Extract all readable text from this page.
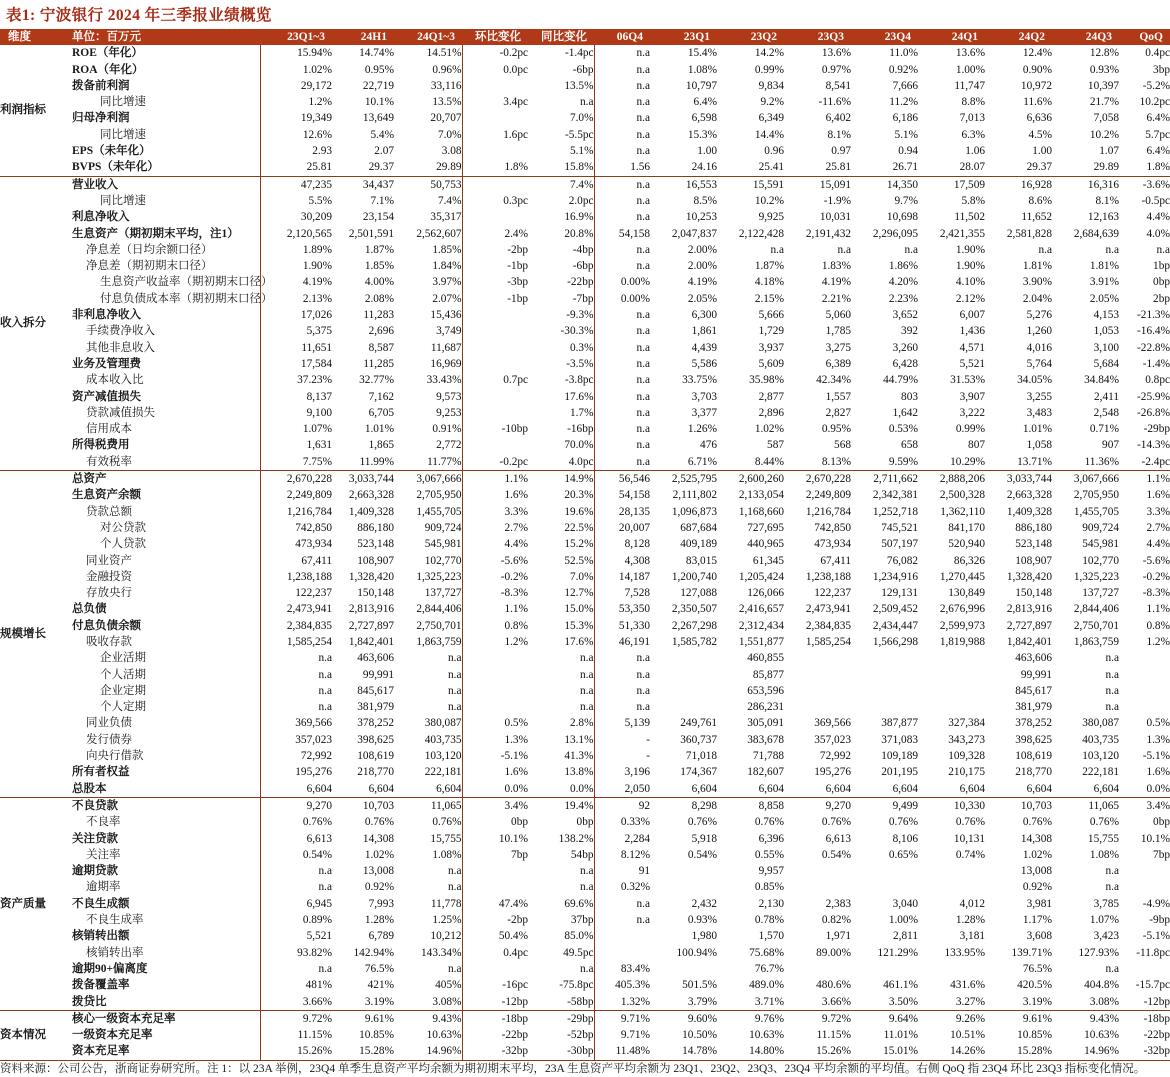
表1: 宁波银行 2024 年三季报业绩概览
维度	单位：百万元	23Q1~3	24H1	24Q1~3	环比变化	同比变化	06Q4	23Q1	23Q2	23Q3	23Q4	24Q1	24Q2	24Q3	QoQ
利润指标	ROE（年化）	15.94%	14.74%	14.51%	-0.2pc	-1.4pc	n.a	15.4%	14.2%	13.6%	11.0%	13.6%	12.4%	12.8%	0.4pc
	ROA（年化）	1.02%	0.95%	0.96%	0.0pc	-6bp	n.a	1.08%	0.99%	0.97%	0.92%	1.00%	0.90%	0.93%	3bp
	拨备前利润	29,172	22,719	33,116		13.5%	n.a	10,797	9,834	8,541	7,666	11,747	10,972	10,397	-5.2%
	同比增速	1.2%	10.1%	13.5%	3.4pc	n.a	n.a	6.4%	9.2%	-11.6%	11.2%	8.8%	11.6%	21.7%	10.2pc
	归母净利润	19,349	13,649	20,707		7.0%	n.a	6,598	6,349	6,402	6,186	7,013	6,636	7,058	6.4%
	同比增速	12.6%	5.4%	7.0%	1.6pc	-5.5pc	n.a	15.3%	14.4%	8.1%	5.1%	6.3%	4.5%	10.2%	5.7pc
	EPS（未年化）	2.93	2.07	3.08		5.1%	n.a	1.00	0.96	0.97	0.94	1.06	1.00	1.07	6.4%
	BVPS（未年化）	25.81	29.37	29.89	1.8%	15.8%	1.56	24.16	25.41	25.81	26.71	28.07	29.37	29.89	1.8%
收入拆分	营业收入	47,235	34,437	50,753		7.4%	n.a	16,553	15,591	15,091	14,350	17,509	16,928	16,316	-3.6%
	同比增速	5.5%	7.1%	7.4%	0.3pc	2.0pc	n.a	8.5%	10.2%	-1.9%	9.7%	5.8%	8.6%	8.1%	-0.5pc
	利息净收入	30,209	23,154	35,317		16.9%	n.a	10,253	9,925	10,031	10,698	11,502	11,652	12,163	4.4%
	生息资产（期初期末平均，注1）	2,120,565	2,501,591	2,562,607	2.4%	20.8%	54,158	2,047,837	2,122,428	2,191,432	2,296,095	2,421,355	2,581,828	2,684,639	4.0%
	净息差（日均余额口径）	1.89%	1.87%	1.85%	-2bp	-4bp	n.a	2.00%	n.a	n.a	n.a	1.90%	n.a	n.a	n.a
	净息差（期初期末口径）	1.90%	1.85%	1.84%	-1bp	-6bp	n.a	2.00%	1.87%	1.83%	1.86%	1.90%	1.81%	1.81%	1bp
	生息资产收益率（期初期末口径）	4.19%	4.00%	3.97%	-3bp	-22bp	0.00%	4.19%	4.18%	4.19%	4.20%	4.10%	3.90%	3.91%	0bp
	付息负债成本率（期初期末口径）	2.13%	2.08%	2.07%	-1bp	-7bp	0.00%	2.05%	2.15%	2.21%	2.23%	2.12%	2.04%	2.05%	2bp
	非利息净收入	17,026	11,283	15,436		-9.3%	n.a	6,300	5,666	5,060	3,652	6,007	5,276	4,153	-21.3%
	手续费净收入	5,375	2,696	3,749		-30.3%	n.a	1,861	1,729	1,785	392	1,436	1,260	1,053	-16.4%
	其他非息收入	11,651	8,587	11,687		0.3%	n.a	4,439	3,937	3,275	3,260	4,571	4,016	3,100	-22.8%
	业务及管理费	17,584	11,285	16,969		-3.5%	n.a	5,586	5,609	6,389	6,428	5,521	5,764	5,684	-1.4%
	成本收入比	37.23%	32.77%	33.43%	0.7pc	-3.8pc	n.a	33.75%	35.98%	42.34%	44.79%	31.53%	34.05%	34.84%	0.8pc
	资产减值损失	8,137	7,162	9,573		17.6%	n.a	3,703	2,877	1,557	803	3,907	3,255	2,411	-25.9%
	贷款减值损失	9,100	6,705	9,253		1.7%	n.a	3,377	2,896	2,827	1,642	3,222	3,483	2,548	-26.8%
	信用成本	1.07%	1.01%	0.91%	-10bp	-16bp	n.a	1.26%	1.02%	0.95%	0.53%	0.99%	1.01%	0.71%	-29bp
	所得税费用	1,631	1,865	2,772		70.0%	n.a	476	587	568	658	807	1,058	907	-14.3%
	有效税率	7.75%	11.99%	11.77%	-0.2pc	4.0pc	n.a	6.71%	8.44%	8.13%	9.59%	10.29%	13.71%	11.36%	-2.4pc
规模增长	总资产	2,670,228	3,033,744	3,067,666	1.1%	14.9%	56,546	2,525,795	2,600,260	2,670,228	2,711,662	2,888,206	3,033,744	3,067,666	1.1%
	生息资产余额	2,249,809	2,663,328	2,705,950	1.6%	20.3%	54,158	2,111,802	2,133,054	2,249,809	2,342,381	2,500,328	2,663,328	2,705,950	1.6%
	贷款总额	1,216,784	1,409,328	1,455,705	3.3%	19.6%	28,135	1,096,873	1,168,660	1,216,784	1,252,718	1,362,110	1,409,328	1,455,705	3.3%
	对公贷款	742,850	886,180	909,724	2.7%	22.5%	20,007	687,684	727,695	742,850	745,521	841,170	886,180	909,724	2.7%
	个人贷款	473,934	523,148	545,981	4.4%	15.2%	8,128	409,189	440,965	473,934	507,197	520,940	523,148	545,981	4.4%
	同业资产	67,411	108,907	102,770	-5.6%	52.5%	4,308	83,015	61,345	67,411	76,082	86,326	108,907	102,770	-5.6%
	金融投资	1,238,188	1,328,420	1,325,223	-0.2%	7.0%	14,187	1,200,740	1,205,424	1,238,188	1,234,916	1,270,445	1,328,420	1,325,223	-0.2%
	存放央行	122,237	150,148	137,727	-8.3%	12.7%	7,528	127,088	126,066	122,237	129,131	130,849	150,148	137,727	-8.3%
	总负债	2,473,941	2,813,916	2,844,406	1.1%	15.0%	53,350	2,350,507	2,416,657	2,473,941	2,509,452	2,676,996	2,813,916	2,844,406	1.1%
	付息负债余额	2,384,835	2,727,897	2,750,701	0.8%	15.3%	51,330	2,267,298	2,312,434	2,384,835	2,434,447	2,599,973	2,727,897	2,750,701	0.8%
	吸收存款	1,585,254	1,842,401	1,863,759	1.2%	17.6%	46,191	1,585,782	1,551,877	1,585,254	1,566,298	1,819,988	1,842,401	1,863,759	1.2%
	企业活期	n.a	463,606	n.a		n.a	n.a		460,855				463,606	n.a	
	个人活期	n.a	99,991	n.a		n.a	n.a		85,877				99,991	n.a	
	企业定期	n.a	845,617	n.a		n.a	n.a		653,596				845,617	n.a	
	个人定期	n.a	381,979	n.a		n.a	n.a		286,231				381,979	n.a	
	同业负债	369,566	378,252	380,087	0.5%	2.8%	5,139	249,761	305,091	369,566	387,877	327,384	378,252	380,087	0.5%
	发行债券	357,023	398,625	403,735	1.3%	13.1%	-	360,737	383,678	357,023	371,083	343,273	398,625	403,735	1.3%
	向央行借款	72,992	108,619	103,120	-5.1%	41.3%	-	71,018	71,788	72,992	109,189	109,328	108,619	103,120	-5.1%
	所有者权益	195,276	218,770	222,181	1.6%	13.8%	3,196	174,367	182,607	195,276	201,195	210,175	218,770	222,181	1.6%
	总股本	6,604	6,604	6,604	0.0%	0.0%	2,050	6,604	6,604	6,604	6,604	6,604	6,604	6,604	0.0%
资产质量	不良贷款	9,270	10,703	11,065	3.4%	19.4%	92	8,298	8,858	9,270	9,499	10,330	10,703	11,065	3.4%
	不良率	0.76%	0.76%	0.76%	0bp	0bp	0.33%	0.76%	0.76%	0.76%	0.76%	0.76%	0.76%	0.76%	0bp
	关注贷款	6,613	14,308	15,755	10.1%	138.2%	2,284	5,918	6,396	6,613	8,106	10,131	14,308	15,755	10.1%
	关注率	0.54%	1.02%	1.08%	7bp	54bp	8.12%	0.54%	0.55%	0.54%	0.65%	0.74%	1.02%	1.08%	7bp
	逾期贷款	n.a	13,008	n.a		n.a	91		9,957				13,008	n.a	
	逾期率	n.a	0.92%	n.a		n.a	0.32%		0.85%				0.92%	n.a	
	不良生成额	6,945	7,993	11,778	47.4%	69.6%	n.a	2,432	2,130	2,383	3,040	4,012	3,981	3,785	-4.9%
	不良生成率	0.89%	1.28%	1.25%	-2bp	37bp	n.a	0.93%	0.78%	0.82%	1.00%	1.28%	1.17%	1.07%	-9bp
	核销转出额	5,521	6,789	10,212	50.4%	85.0%		1,980	1,570	1,971	2,811	3,181	3,608	3,423	-5.1%
	核销转出率	93.82%	142.94%	143.34%	0.4pc	49.5pc		100.94%	75.68%	89.00%	121.29%	133.95%	139.71%	127.93%	-11.8pc
	逾期90+偏离度	n.a	76.5%	n.a		n.a	83.4%		76.7%				76.5%	n.a	
	拨备覆盖率	481%	421%	405%	-16pc	-75.8pc	405.3%	501.5%	489.0%	480.6%	461.1%	431.6%	420.5%	404.8%	-15.7pc
	拨贷比	3.66%	3.19%	3.08%	-12bp	-58bp	1.32%	3.79%	3.71%	3.66%	3.50%	3.27%	3.19%	3.08%	-12bp
资本情况	核心一级资本充足率	9.72%	9.61%	9.43%	-18bp	-29bp	9.71%	9.60%	9.76%	9.72%	9.64%	9.26%	9.61%	9.43%	-18bp
	一级资本充足率	11.15%	10.85%	10.63%	-22bp	-52bp	9.71%	10.50%	10.63%	11.15%	11.01%	10.51%	10.85%	10.63%	-22bp
	资本充足率	15.26%	15.28%	14.96%	-32bp	-30bp	11.48%	14.78%	14.80%	15.26%	15.01%	14.26%	15.28%	14.96%	-32bp
资料来源：公司公告，浙商证券研究所。注 1：以 23A 举例，23Q4 单季生息资产平均余额为期初期末平均，23A 生息资产平均余额为 23Q1、23Q2、23Q3、23Q4 平均余额的平均值。右侧 QoQ 指 23Q4 环比 23Q3 指标变化情况。															
